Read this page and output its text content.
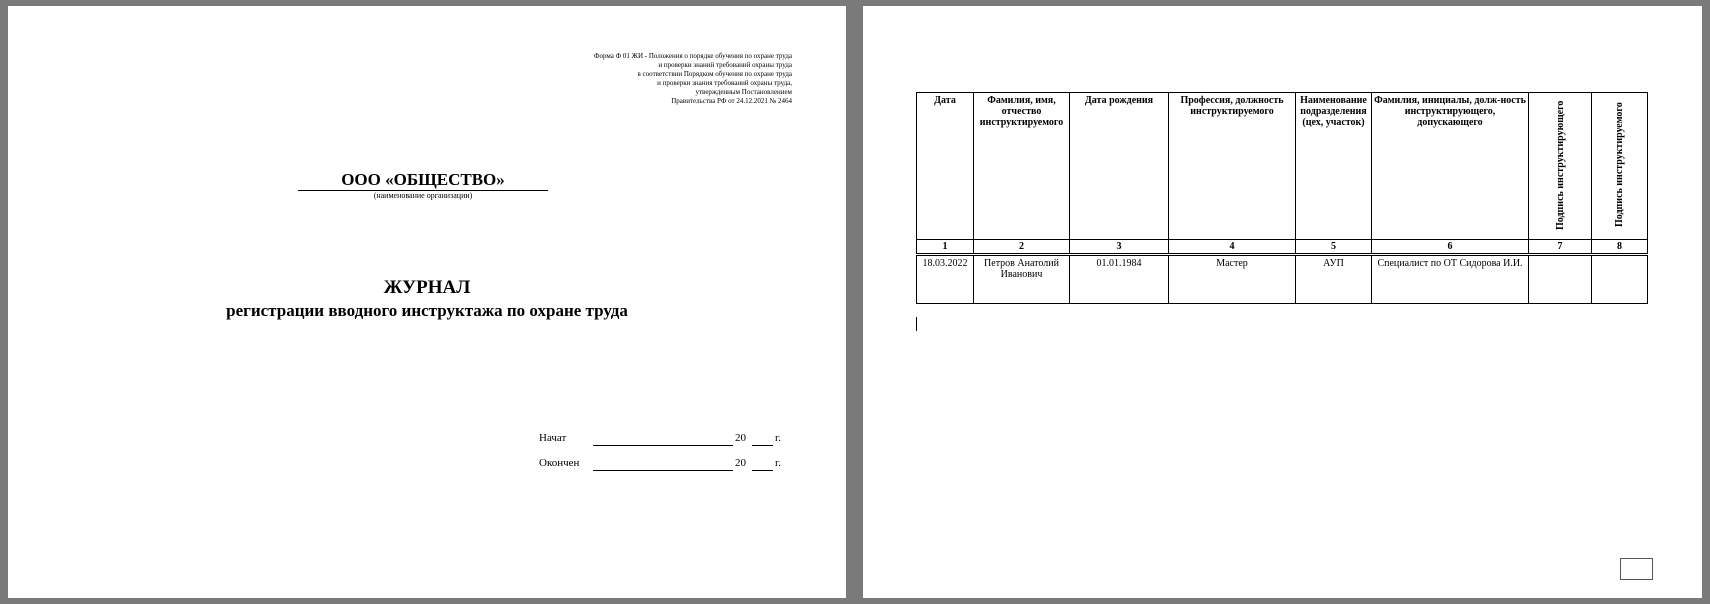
Форма Ф 01 ЖИ - Положения о порядке обучения по охране труда
и проверки знаний требований охраны труда
в соответствии Порядком обучения по охране труда
и проверки знания требований охраны труда,
утвержденным Постановлением
Правительства РФ от 24.12.2021 № 2464
ООО «ОБЩЕСТВО»
(наименование организации)
ЖУРНАЛ
регистрации вводного инструктажа по охране труда
Начат	20	г.
Окончен	20	г.
Дата	Фамилия, имя, отчество инструктируемого	Дата рождения	Профессия, должность инструктируемого	Наименование подразделения (цех, участок)	Фамилия, инициалы, долж-ность инструктирующего, допускающего	Подпись инструктирующего	Подпись инструктируемого
1	2	3	4	5	6	7	8
18.03.2022	Петров Анатолий Иванович	01.01.1984	Мастер	АУП	Специалист по ОТ Сидорова И.И.		
